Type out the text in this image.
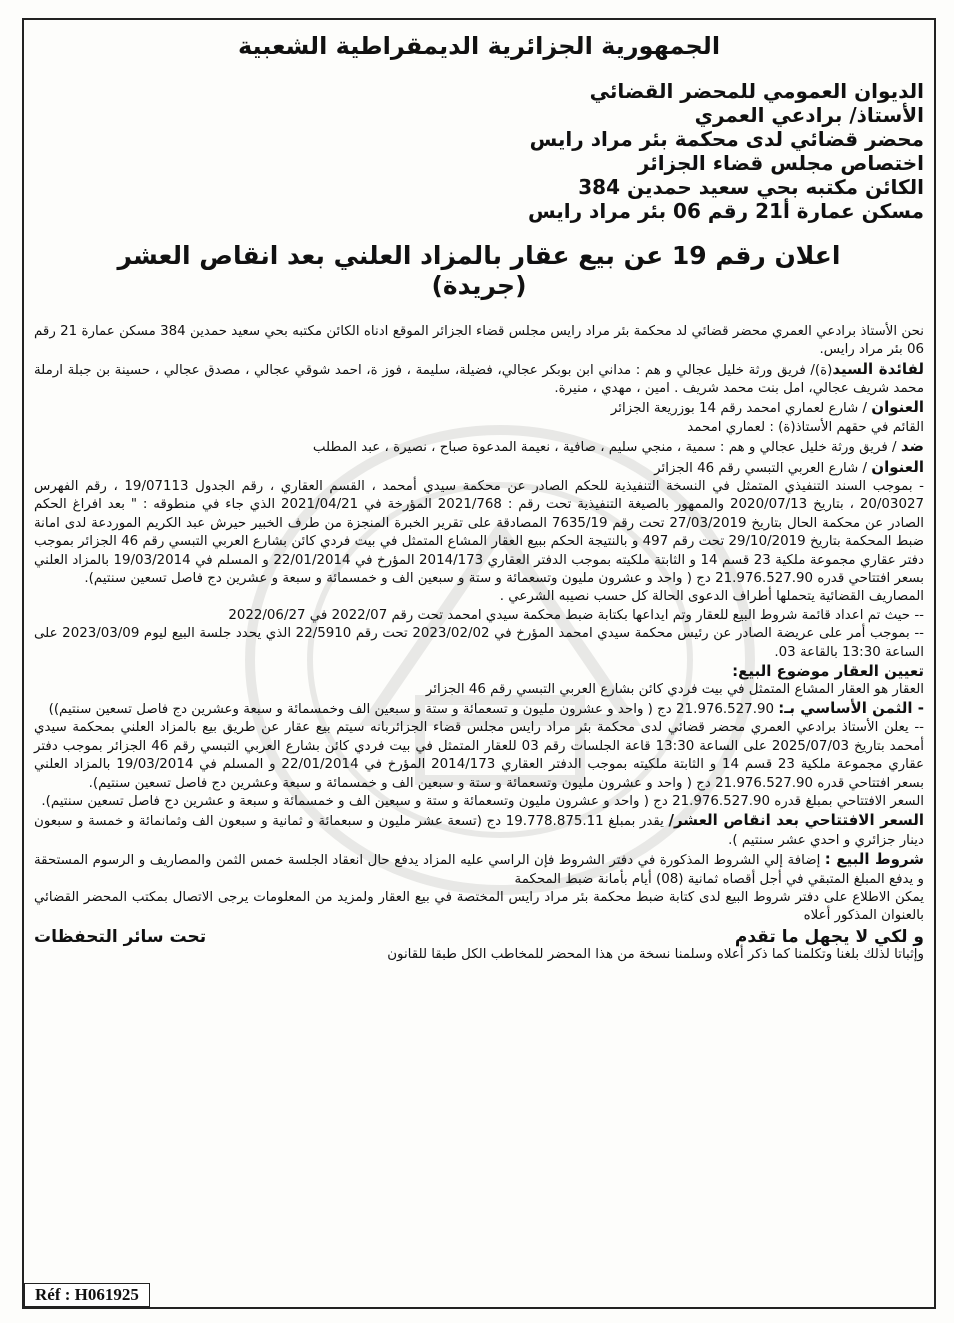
الجمهورية الجزائرية الديمقراطية الشعبية
الديوان العمومي للمحضر القضائي
الأستاذ/ برادعي العمري
محضر قضائي لدى محكمة بئر مراد رايس
اختصاص مجلس قضاء الجزائر
الكائن مكتبه بحي سعيد حمدين 384
مسكن عمارة أ21 رقم 06 بئر مراد رايس
اعلان رقم 19 عن بيع عقار بالمزاد العلني بعد انقاص العشر
(جريدة)

نحن الأستاذ برادعي العمري محضر قضائي لد محكمة بئر مراد رايس مجلس قضاء الجزائر الموقع ادناه الكائن مكتبه بحي سعيد حمدين 384 مسكن عمارة 21 رقم 06 بئر مراد رايس.

لفائدة السيد(ة)/ فريق ورثة خليل عجالي و هم : مداني ابن بوبكر عجالي، فضيلة، سليمة ، فوز ة، احمد شوقي عجالي ، مصدق عجالي ، حسينة بن جبلة ارملة محمد شريف عجالي، امل بنت محمد شريف . امين ، مهدي ، منيرة.

العنوان / شارع لعماري امحمد رقم 14 بوزريعة الجزائر

القائم في حقهم الأستاذ(ة) : لعماري امحمد

ضد / فريق ورثة خليل عجالي و هم : سمية ، منجي سليم ، صافية ، نعيمة المدعوة صباح ، نصيرة ، عبد المطلب

العنوان / شارع العربي التبسي رقم 46 الجزائر

- بموجب السند التنفيذي المتمثل في النسخة التنفيذية للحكم الصادر عن محكمة سيدي أمحمد ، القسم العقاري ، رقم الجدول 19/07113 ، رقم الفهرس 20/03027 ، بتاريخ 2020/07/13 والممهور بالصيغة التنفيذية تحت رقم : 2021/768 المؤرخة في 2021/04/21 الذي جاء في منطوقه : " بعد افراغ الحكم الصادر عن محكمة الحال بتاريخ 27/03/2019 تحت رقم 7635/19 المصادقة على تقرير الخبرة المنجزة من طرف الخبير حيرش عبد الكريم الموردعة لدى امانة ضبط المحكمة بتاريخ 29/10/2019 تحت رقم 497 و بالنتيجة الحكم ببيع العقار المشاع المتمثل في بيت فردي كائن بشارع العربي التبسي رقم 46 الجزائر بموجب دفتر عقاري مجموعة ملكية 23 قسم 14 و الثابتة ملكيته بموجب الدفتر العقاري 2014/173 المؤرخ في 22/01/2014 و المسلم في 19/03/2014 بالمزاد العلني بسعر افتتاحي قدره 21.976.527.90 دج ( واحد و عشرون مليون وتسعمائة و ستة و سبعين الف و خمسمائة و سبعة و عشرين دج فاصل تسعين سنتيم).

المصاريف القضائية يتحملها أطراف الدعوى الحالة كل حسب نصيبه الشرعي .

-- حيث تم اعداد قائمة شروط البيع للعقار وتم ايداعها بكتابة ضبط محكمة سيدي امحمد تحت رقم 2022/07 في 2022/06/27

-- بموجب أمر على عريضة الصادر عن رئيس محكمة سيدي امحمد المؤرخ في 2023/02/02 تحت رقم 22/5910 الذي يحدد جلسة البيع ليوم 2023/03/09 على الساعة 13:30 بالقاعة 03.

تعيين العقار موضوع البيع:

العقار هو العقار المشاع المتمثل في بيت فردي كائن بشارع العربي التبسي رقم 46 الجزائر

- الثمن الأساسي بـ: 21.976.527.90 دج ( واحد و عشرون مليون و تسعمائة و ستة و سبعين الف وخمسمائة و سبعة وعشرين دج فاصل تسعين سنتيم))

-- يعلن الأستاذ برادعي العمري محضر قضائي لدى محكمة بئر مراد رايس مجلس قضاء الجزائربانه سيتم بيع عقار عن طريق بيع بالمزاد العلني بمحكمة سيدي أمحمد بتاريخ 2025/07/03 على الساعة 13:30 قاعة الجلسات رقم 03 للعقار المتمثل في بيت فردي كائن بشارع العربي التبسي رقم 46 الجزائر بموجب دفتر عقاري مجموعة ملكية 23 قسم 14 و الثابتة ملكيته بموجب الدفتر العقاري 2014/173 المؤرخ في 22/01/2014 و المسلم في 19/03/2014 بالمزاد العلني بسعر افتتاحي قدره 21.976.527.90 دج ( واحد و عشرون مليون وتسعمائة و ستة و سبعين الف و خمسمائة و سبعة وعشرين دج فاصل تسعين سنتيم).

السعر الافتتاحي بمبلغ قدره 21.976.527.90 دج ( واحد و عشرون مليون وتسعمائة و ستة و سبعين الف و خمسمائة و سبعة و عشرين دج فاصل تسعين سنتيم).

السعر الافتتاحي بعد انقاص العشر/ يقدر بمبلغ 19.778.875.11 دج (تسعة عشر مليون و سبعمائة و ثمانية و سبعون الف وثمانمائة و خمسة و سبعون دينار جزائري و احدي عشر سنتيم ).

شروط البيع : إضافة إلي الشروط المذكورة في دفتر الشروط فإن الراسي عليه المزاد يدفع حال انعقاد الجلسة خمس الثمن والمصاريف و الرسوم المستحقة و يدفع المبلغ المتبقي في أجل أقصاه ثمانية (08) أيام بأمانة ضبط المحكمة

يمكن الاطلاع على دفتر شروط البيع لدى كتابة ضبط محكمة بئر مراد رايس المختصة في بيع العقار ولمزيد من المعلومات يرجى الاتصال بمكتب المحضر القضائي بالعنوان المذكور أعلاه

و لكي لا يجهل ما تقدم
تحت سائر التحفظات

وإثباتا لذلك بلغنا وتكلمنا كما ذكر أعلاه وسلمنا نسخة من هذا المحضر للمخاطب الكل طبقا للقانون

Réf : H061925
